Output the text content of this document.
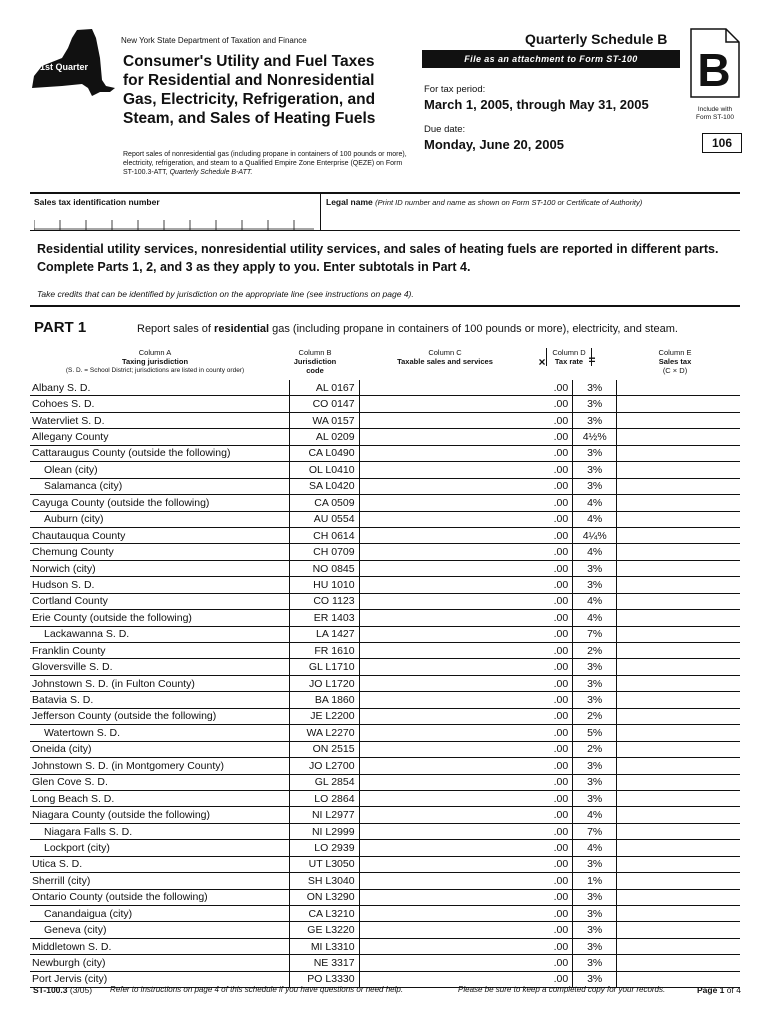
1st Quarter
New York State Department of Taxation and Finance
Consumer's Utility and Fuel Taxes
for Residential and Nonresidential
Gas, Electricity, Refrigeration, and
Steam, and Sales of Heating Fuels
Quarterly Schedule B
File as an attachment to Form ST-100
For tax period:
March 1, 2005, through May 31, 2005
Due date:
Monday, June 20, 2005
B
Include with
Form ST-100
106
Report sales of nonresidential gas (including propane in containers of 100 pounds or more), electricity, refrigeration, and steam to a Qualified Empire Zone Enterprise (QEZE) on Form ST-100.3-ATT, Quarterly Schedule B-ATT.
Sales tax identification number	Legal name (Print ID number and name as shown on Form ST-100 or Certificate of Authority)
Residential utility services, nonresidential utility services, and sales of heating fuels are reported in different parts.
Complete Parts 1, 2, and 3 as they apply to you. Enter subtotals in Part 4.
Take credits that can be identified by jurisdiction on the appropriate line (see instructions on page 4).
PART 1	Report sales of residential gas (including propane in containers of 100 pounds or more), electricity, and steam.
Column A
Taxing jurisdiction
(S. D. = School District; jurisdictions are listed in county order)
Column B
Jurisdiction
code
Column C
Taxable sales and services	×
Column D
Tax rate =
Column E
Sales tax
(C × D)
Albany S. D.	AL 0167	.00	3%	
Cohoes S. D.	CO 0147	.00	3%	
Watervliet S. D.	WA 0157	.00	3%	
Allegany County	AL 0209	.00	4½%	
Cattaraugus County (outside the following)	CA L0490	.00	3%	
Olean (city)	OL L0410	.00	3%	
Salamanca (city)	SA L0420	.00	3%	
Cayuga County (outside the following)	CA 0509	.00	4%	
Auburn (city)	AU 0554	.00	4%	
Chautauqua County	CH 0614	.00	4¼%	
Chemung County	CH 0709	.00	4%	
Norwich (city)	NO 0845	.00	3%	
Hudson S. D.	HU 1010	.00	3%	
Cortland County	CO 1123	.00	4%	
Erie County (outside the following)	ER 1403	.00	4%	
Lackawanna S. D.	LA 1427	.00	7%	
Franklin County	FR 1610	.00	2%	
Gloversville S. D.	GL L1710	.00	3%	
Johnstown S. D. (in Fulton County)	JO L1720	.00	3%	
Batavia S. D.	BA 1860	.00	3%	
Jefferson County (outside the following)	JE L2200	.00	2%	
Watertown S. D.	WA L2270	.00	5%	
Oneida (city)	ON 2515	.00	2%	
Johnstown S. D. (in Montgomery County)	JO L2700	.00	3%	
Glen Cove S. D.	GL 2854	.00	3%	
Long Beach S. D.	LO 2864	.00	3%	
Niagara County (outside the following)	NI L2977	.00	4%	
Niagara Falls S. D.	NI L2999	.00	7%	
Lockport (city)	LO 2939	.00	4%	
Utica S. D.	UT L3050	.00	3%	
Sherrill (city)	SH L3040	.00	1%	
Ontario County (outside the following)	ON L3290	.00	3%	
Canandaigua (city)	CA L3210	.00	3%	
Geneva (city)	GE L3220	.00	3%	
Middletown S. D.	MI L3310	.00	3%	
Newburgh (city)	NE 3317	.00	3%	
Port Jervis (city)	PO L3330	.00	3%	
ST-100.3 (3/05) Refer to instructions on page 4 of this schedule if you have questions or need help.	Please be sure to keep a completed copy for your records.	Page 1 of 4
